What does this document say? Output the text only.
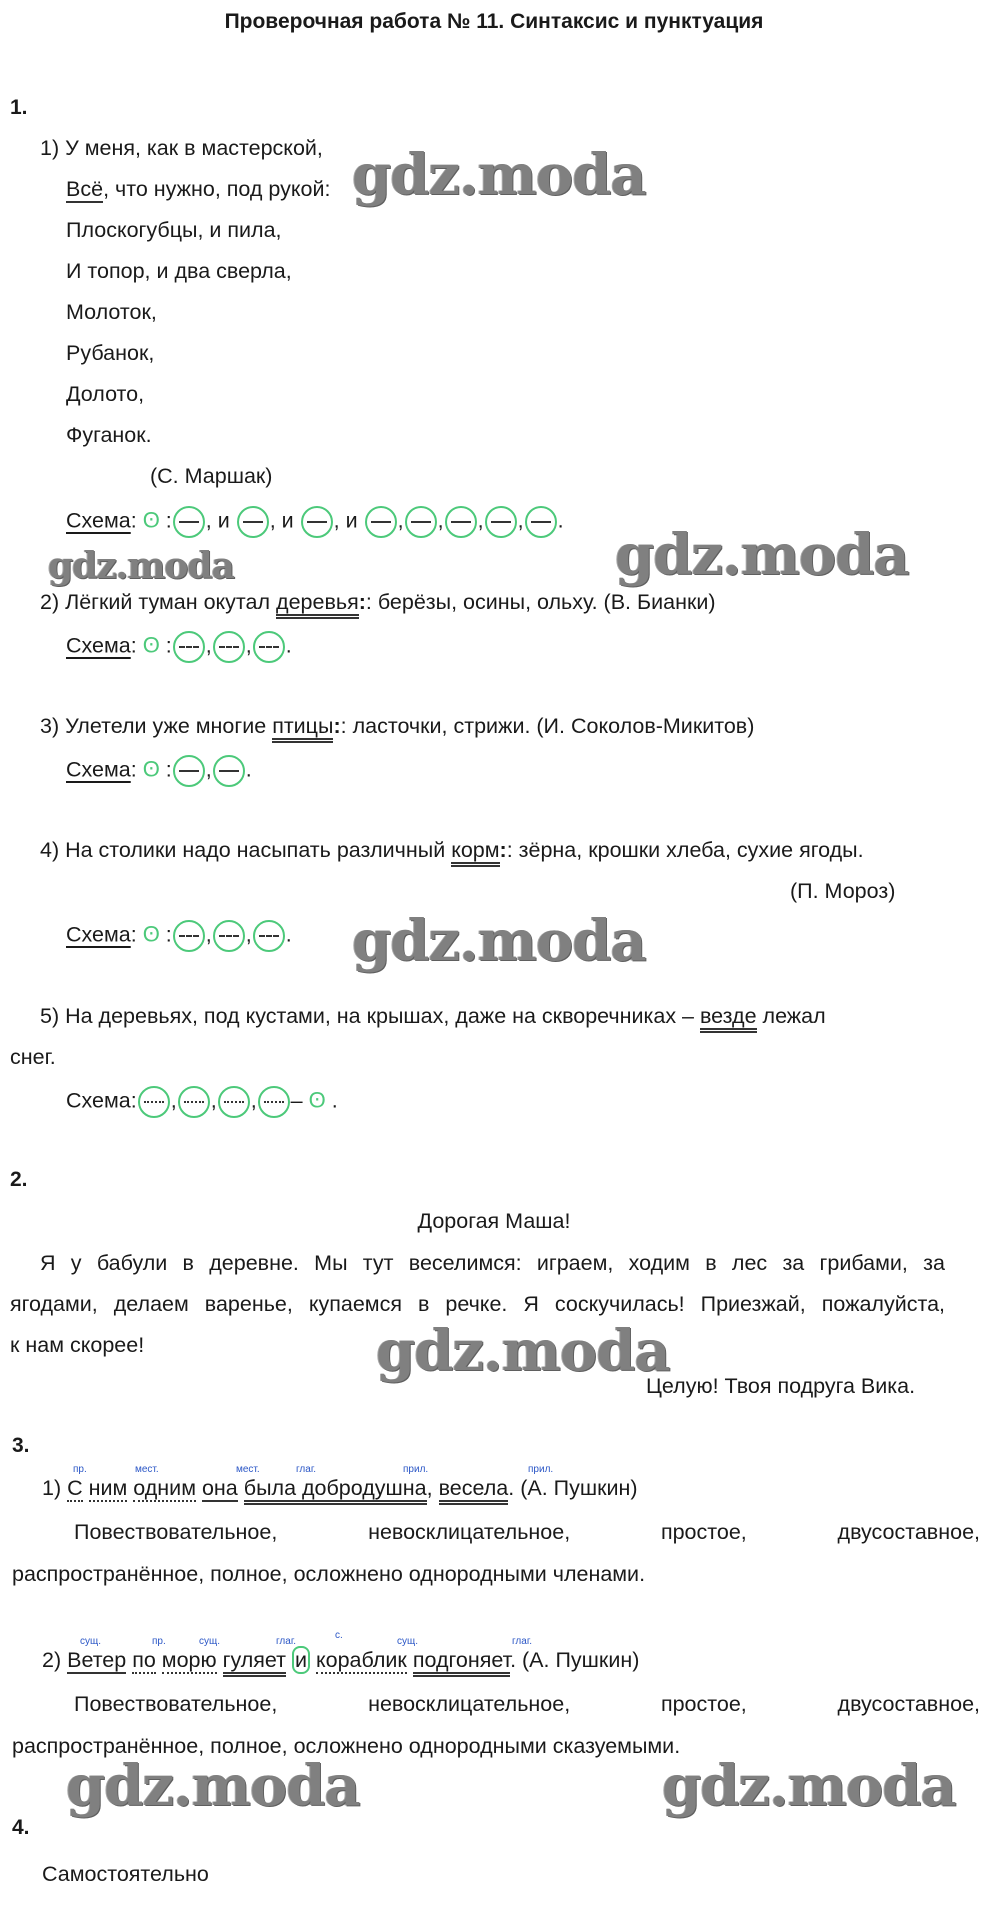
Проверочная работа № 11. Синтаксис и пунктуация
1.
1) У меня, как в мастерской,
Всё, что нужно, под рукой:
Плоскогубцы, и пила,
И топор, и два сверла,
Молоток,
Рубанок,
Долото,
Фуганок.
(С. Маршак)
Схема: ʘ : , и , и , и , , , , .
2) Лёгкий туман окутал деревья:: берёзы, осины, ольху. (В. Бианки)
Схема: ʘ : , , .
3) Улетели уже многие птицы:: ласточки, стрижи. (И. Соколов-Микитов)
Схема: ʘ : , .
4) На столики надо насыпать различный корм:: зёрна, крошки хлеба, сухие ягоды.
(П. Мороз)
Схема: ʘ : , , .
5) На деревьях, под кустами, на крышах, даже на скворечниках – везде лежал
снег.
Схема: , , , – ʘ .
2.
Дорогая Маша!
Я у бабули в деревне. Мы тут веселимся: играем, ходим в лес за грибами, за
ягодами, делаем варенье, купаемся в речке. Я соскучилась! Приезжай, пожалуйста,
к нам скорее!
Целую! Твоя подруга Вика.
3.
пр.	мест.	мест.	глаг.	прил.	прил.
1) С ним одним она была добродушна, весела. (А. Пушкин)
Повествовательное,	невосклицательное,	простое,	двусоставное,
распространённое, полное, осложнено однородными членами.
сущ.	пр.	сущ.	глаг.
с.
сущ.	глаг.
2) Ветер по морю гуляет и кораблик подгоняет. (А. Пушкин)
Повествовательное,	невосклицательное,	простое,	двусоставное,
распространённое, полное, осложнено однородными сказуемыми.
4.
Самостоятельно
gdz.moda
gdz.moda	gdz.moda
gdz.moda
gdz.moda
gdz.moda	gdz.moda
